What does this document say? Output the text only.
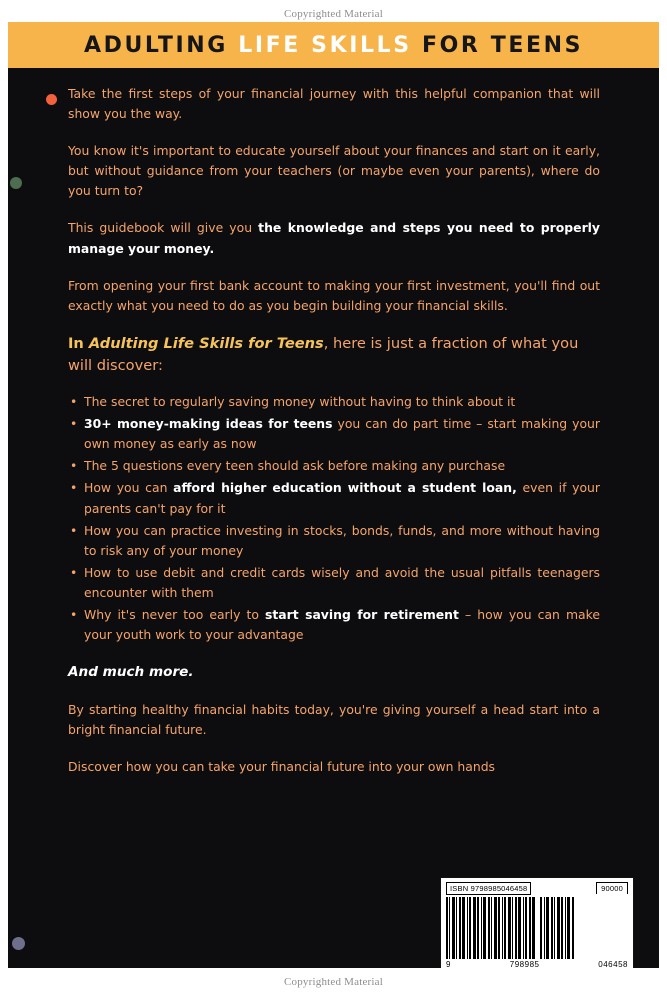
Copyrighted Material
ADULTING LIFE SKILLS FOR TEENS

Take the first steps of your financial journey with this helpful companion that will show you the way.

You know it's important to educate yourself about your finances and start on it early, but without guidance from your teachers (or maybe even your parents), where do you turn to?

This guidebook will give you the knowledge and steps you need to properly manage your money.

From opening your first bank account to making your first investment, you'll find out exactly what you need to do as you begin building your financial skills.

In Adulting Life Skills for Teens, here is just a fraction of what you will discover:

• The secret to regularly saving money without having to think about it
• 30+ money-making ideas for teens you can do part time – start making your own money as early as now
• The 5 questions every teen should ask before making any purchase
• How you can afford higher education without a student loan, even if your parents can't pay for it
• How you can practice investing in stocks, bonds, funds, and more without having to risk any of your money
• How to use debit and credit cards wisely and avoid the usual pitfalls teenagers encounter with them
• Why it's never too early to start saving for retirement – how you can make your youth work to your advantage

And much more.

By starting healthy financial habits today, you're giving yourself a head start into a bright financial future.

Discover how you can take your financial future into your own hands

ISBN 9798985046458	90000
9	798985	046458
Copyrighted Material
